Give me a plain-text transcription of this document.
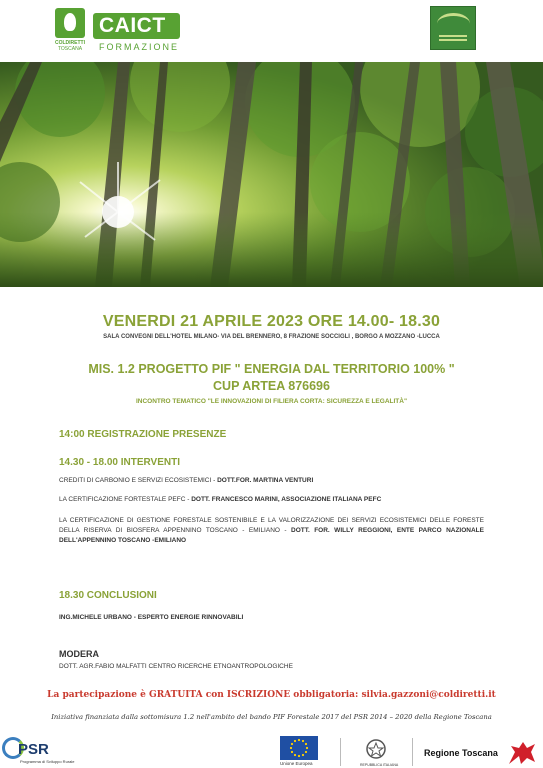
COLDIRETTI
TOSCANA
CAICT
FORMAZIONE
VENERDI 21 APRILE 2023 ORE 14.00- 18.30
SALA CONVEGNI DELL'HOTEL MILANO- VIA DEL BRENNERO, 8 FRAZIONE SOCCIGLI , BORGO A MOZZANO -LUCCA
MIS. 1.2 PROGETTO PIF " ENERGIA DAL TERRITORIO 100% "
CUP ARTEA 876696
INCONTRO TEMATICO "LE INNOVAZIONI DI FILIERA CORTA: SICUREZZA E LEGALITÀ"
14:00 REGISTRAZIONE PRESENZE
14.30 - 18.00 INTERVENTI
CREDITI DI CARBONIO E SERVIZI ECOSISTEMICI - DOTT.FOR. MARTINA VENTURI
LA CERTIFICAZIONE FORTESTALE PEFC - DOTT. FRANCESCO MARINI, ASSOCIAZIONE ITALIANA PEFC
LA CERTIFICAZIONE DI GESTIONE FORESTALE SOSTENIBILE E LA VALORIZZAZIONE DEI SERVIZI ECOSISTEMICI DELLE FORESTE DELLA RISERVA DI BIOSFERA APPENNINO TOSCANO - EMILIANO - DOTT. FOR. WILLY REGGIONI, ENTE PARCO NAZIONALE DELL'APPENNINO TOSCANO -EMILIANO
18.30 CONCLUSIONI
ING.MICHELE URBANO - ESPERTO ENERGIE RINNOVABILI
MODERA
DOTT. AGR.FABIO MALFATTI CENTRO RICERCHE ETNOANTROPOLOGICHE
La partecipazione è GRATUITA con ISCRIZIONE obbligatoria: silvia.gazzoni@coldiretti.it
Iniziativa finanziata dalla sottomisura 1.2 nell'ambito del bando PIF Forestale 2017 del PSR 2014 – 2020 della Regione Toscana
PSR
Programma di Sviluppo Rurale	Unione Europea	REPUBBLICA ITALIANA
Regione Toscana
